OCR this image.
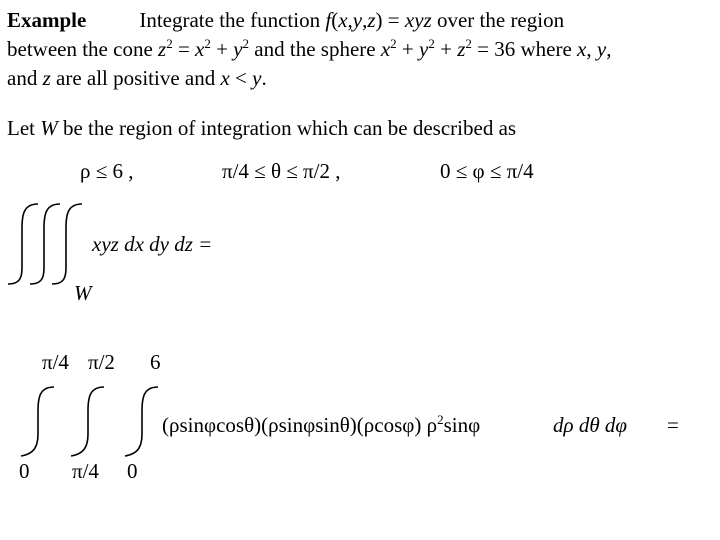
Example	Integrate the function f(x,y,z) = xyz over the region
between the cone $z^2 = x^2 + y^2$ and the sphere $x^2 + y^2 + z^2 = 36$ where x, y,
and z are all positive and x < y.
Let W be the region of integration which can be described as
ρ ≤ 6 ,	π/4 ≤ θ ≤ π/2 ,	0 ≤ φ ≤ π/4
xyz dx dy dz =
W
π/4 π/2 6
(ρsinφcosθ)(ρsinφsinθ)(ρcosφ) $\rho^2\sin\varphi$	dρ dθ dφ =
0 π/4 0
